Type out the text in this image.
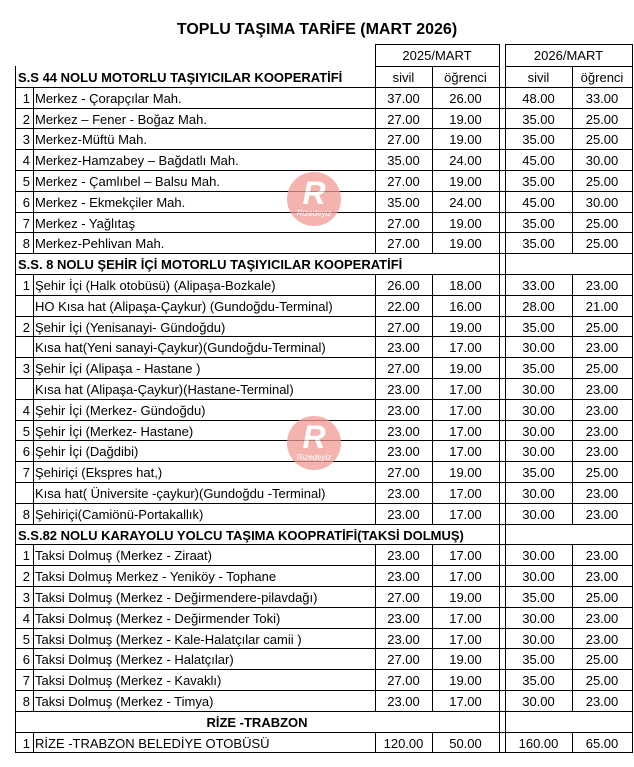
TOPLU TAŞIMA TARİFE (MART 2026)
2025/MART	2026/MART
sivil	öğrenci	sivil	öğrenci
S.S 44 NOLU MOTORLU TAŞIYICILAR KOOPERATİFİ
1 Merkez - Çorapçılar Mah.	37.00	26.00	48.00	33.00
2 Merkez – Fener - Boğaz Mah.	27.00	19.00	35.00	25.00
3 Merkez-Müftü Mah.	27.00	19.00	35.00	25.00
4 Merkez-Hamzabey – Bağdatlı Mah.	35.00	24.00	45.00	30.00
5 Merkez - Çamlıbel – Balsu Mah.	27.00	19.00	35.00	25.00
6 Merkez - Ekmekçiler Mah.	35.00	24.00	45.00	30.00
7 Merkez - Yağlıtaş	27.00	19.00	35.00	25.00
8 Merkez-Pehlivan Mah.	27.00	19.00	35.00	25.00
S.S. 8 NOLU ŞEHİR İÇİ MOTORLU TAŞIYICILAR KOOPERATİFİ
1 Şehir İçi (Halk otobüsü) (Alipaşa-Bozkale)	26.00	18.00	33.00	23.00
HO Kısa hat (Alipaşa-Çaykur) (Gundoğdu-Terminal)	22.00	16.00	28.00	21.00
2 Şehir İçi (Yenisanayi- Gündoğdu)	27.00	19.00	35.00	25.00
Kısa hat(Yeni sanayi-Çaykur)(Gundoğdu-Terminal)	23.00	17.00	30.00	23.00
3 Şehir İçi (Alipaşa - Hastane )	27.00	19.00	35.00	25.00
Kısa hat (Alipaşa-Çaykur)(Hastane-Terminal)	23.00	17.00	30.00	23.00
4 Şehir İçi (Merkez- Gündoğdu)	23.00	17.00	30.00	23.00
5 Şehir İçi (Merkez- Hastane)	23.00	17.00	30.00	23.00
6 Şehir İçi (Dağdibi)	23.00	17.00	30.00	23.00
7 Şehiriçi (Ekspres hat,)	27.00	19.00	35.00	25.00
Kısa hat( Üniversite -çaykur)(Gundoğdu -Terminal)	23.00	17.00	30.00	23.00
8 Şehiriçi(Camiönü-Portakallık)	23.00	17.00	30.00	23.00
S.S.82 NOLU KARAYOLU YOLCU TAŞIMA KOOPRATİFİ(TAKSİ DOLMUŞ)
1 Taksi Dolmuş (Merkez - Ziraat)	23.00	17.00	30.00	23.00
2 Taksi Dolmuş Merkez - Yeniköy - Tophane	23.00	17.00	30.00	23.00
3 Taksi Dolmuş (Merkez - Değirmendere-pilavdağı)	27.00	19.00	35.00	25.00
4 Taksi Dolmuş (Merkez - Değirmender Toki)	23.00	17.00	30.00	23.00
5 Taksi Dolmuş (Merkez - Kale-Halatçılar camii )	23.00	17.00	30.00	23.00
6 Taksi Dolmuş (Merkez - Halatçılar)	27.00	19.00	35.00	25.00
7 Taksi Dolmuş (Merkez - Kavaklı)	27.00	19.00	35.00	25.00
8 Taksi Dolmuş (Merkez - Timya)	23.00	17.00	30.00	23.00
RİZE -TRABZON
1 RİZE -TRABZON BELEDİYE OTOBÜSÜ	120.00	50.00	160.00	65.00
R
Rizedeyiz
R
Rizedeyiz
